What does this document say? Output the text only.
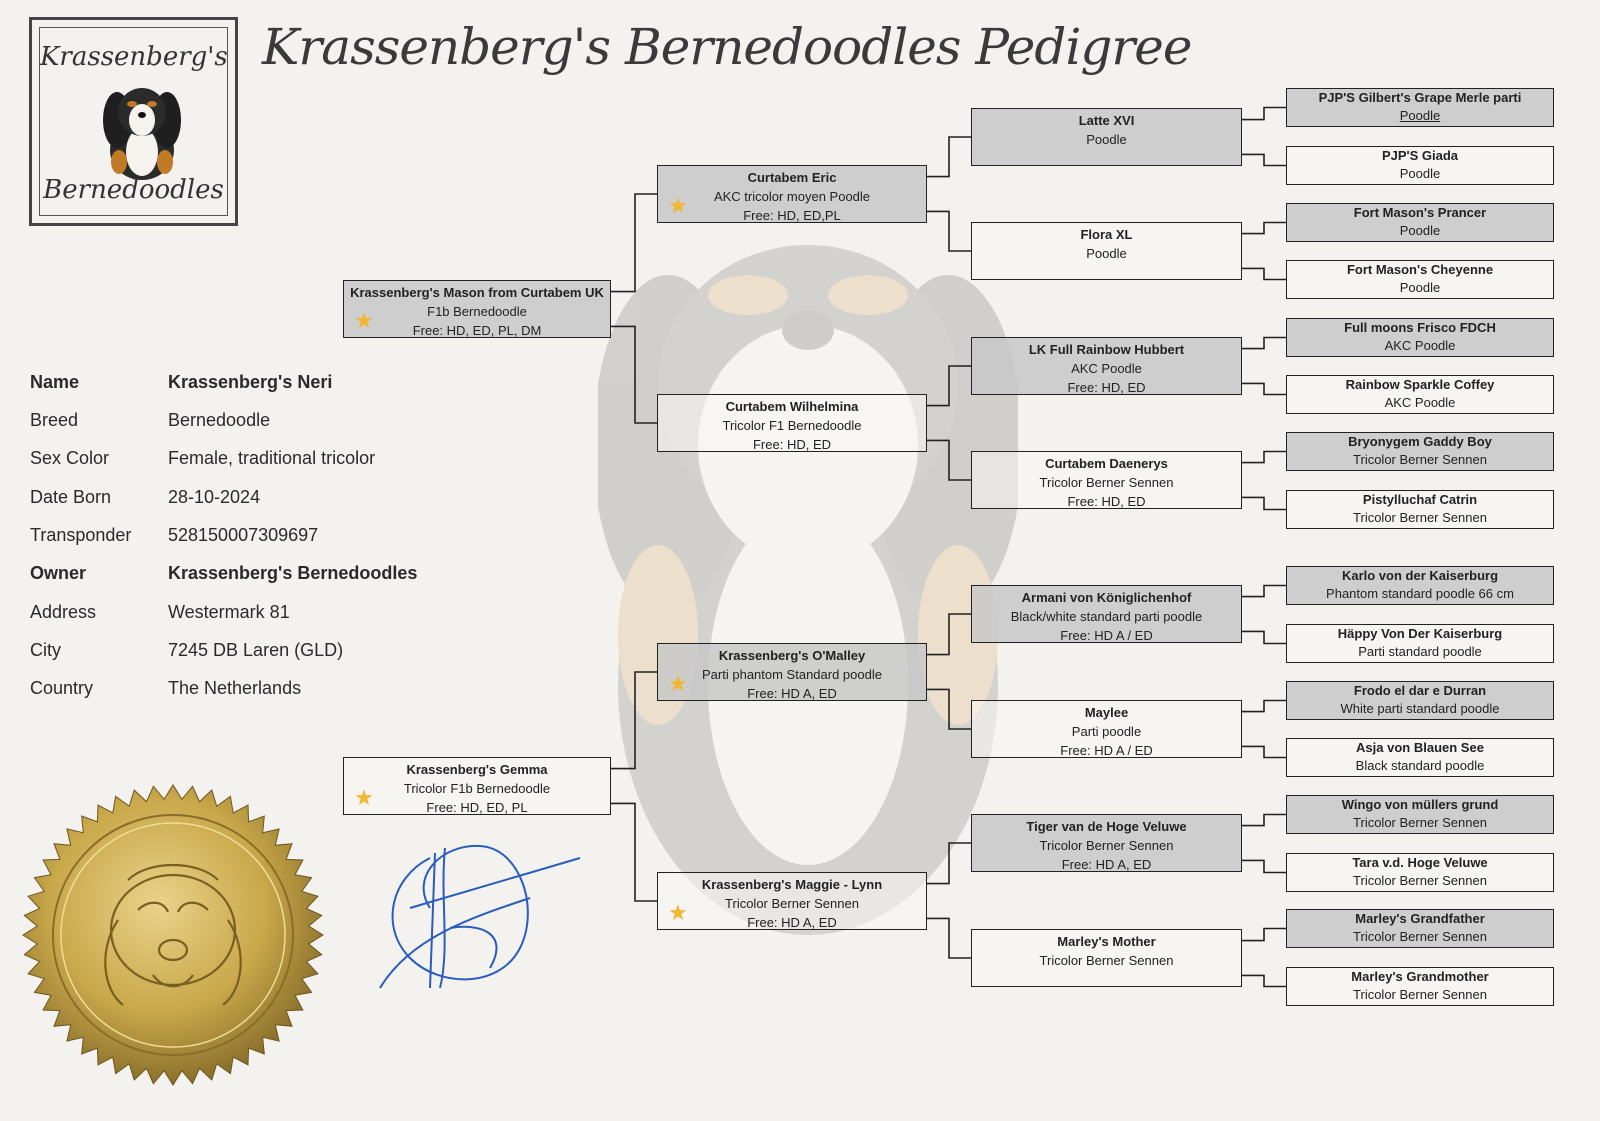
Krassenberg's
Bernedoodles
Krassenberg's Bernedoodles Pedigree
Name	Krassenberg's Neri
Breed	Bernedoodle
Sex Color	Female, traditional tricolor
Date Born	28-10-2024
Transponder 528150007309697
Owner	Krassenberg's Bernedoodles
Address	Westermark 81
City	7245 DB Laren (GLD)
Country	The Netherlands
Krassenberg's Mason from Curtabem UK
F1b Bernedoodle
Free: HD, ED, PL, DM
★
Krassenberg's Gemma
Tricolor F1b Bernedoodle
Free: HD, ED, PL
★
Curtabem Eric
AKC tricolor moyen Poodle
Free: HD, ED,PL
★
Curtabem Wilhelmina
Tricolor F1 Bernedoodle
Free: HD, ED
Krassenberg's O'Malley
Parti phantom Standard poodle
Free: HD A, ED
★
Krassenberg's Maggie - Lynn
Tricolor Berner Sennen
Free: HD A, ED
★
Latte XVI
Poodle
Flora XL
Poodle
LK Full Rainbow Hubbert
AKC Poodle
Free: HD, ED
Curtabem Daenerys
Tricolor Berner Sennen
Free: HD, ED
Armani von Königlichenhof
Black/white standard parti poodle
Free: HD A / ED
Maylee
Parti poodle
Free: HD A / ED
Tiger van de Hoge Veluwe
Tricolor Berner Sennen
Free: HD A, ED
Marley's Mother
Tricolor Berner Sennen
PJP'S Gilbert's Grape Merle parti
Poodle
PJP'S Giada
Poodle
Fort Mason's Prancer
Poodle
Fort Mason's Cheyenne
Poodle
Full moons Frisco FDCH
AKC Poodle
Rainbow Sparkle Coffey
AKC Poodle
Bryonygem Gaddy Boy
Tricolor Berner Sennen
Pistylluchaf Catrin
Tricolor Berner Sennen
Karlo von der Kaiserburg
Phantom standard poodle 66 cm
Häppy Von Der Kaiserburg
Parti standard poodle
Frodo el dar e Durran
White parti standard poodle
Asja von Blauen See
Black standard poodle
Wingo von müllers grund
Tricolor Berner Sennen
Tara v.d. Hoge Veluwe
Tricolor Berner Sennen
Marley's Grandfather
Tricolor Berner Sennen
Marley's Grandmother
Tricolor Berner Sennen
